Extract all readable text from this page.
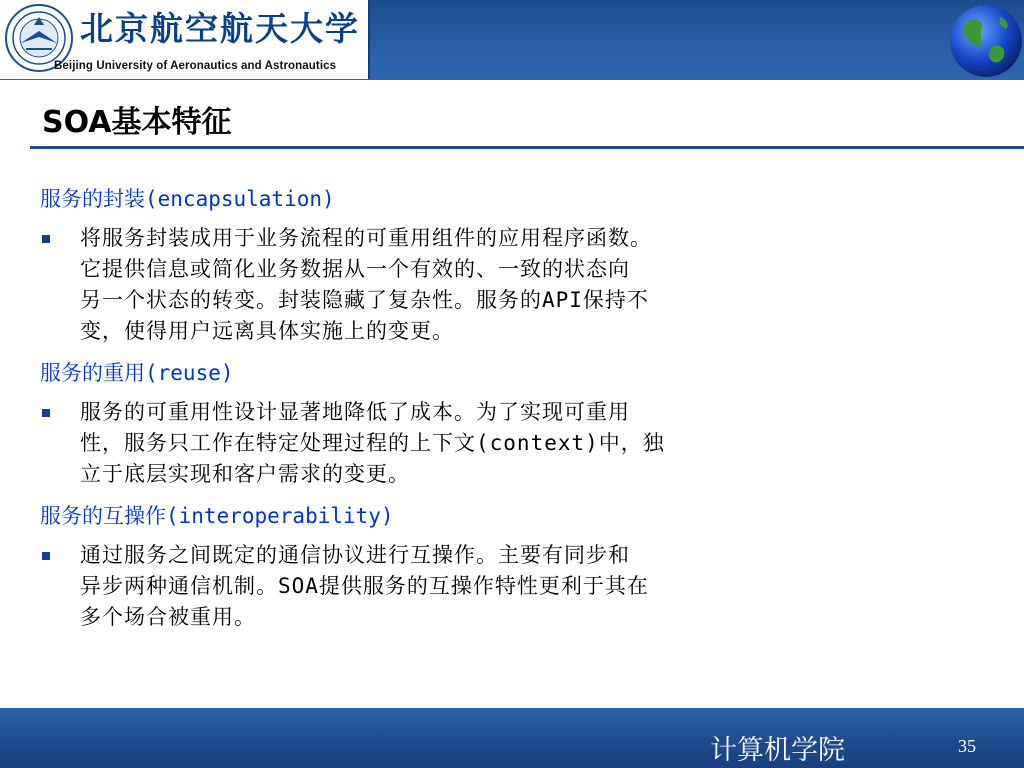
北京航空航天大学
Beijing University of Aeronautics and Astronautics
SOA基本特征
服务的封装(encapsulation)
将服务封装成用于业务流程的可重用组件的应用程序函数。
它提供信息或简化业务数据从一个有效的、一致的状态向
另一个状态的转变。封装隐藏了复杂性。服务的API保持不
变，使得用户远离具体实施上的变更。
服务的重用(reuse)
服务的可重用性设计显著地降低了成本。为了实现可重用
性，服务只工作在特定处理过程的上下文(context)中，独
立于底层实现和客户需求的变更。
服务的互操作(interoperability)
通过服务之间既定的通信协议进行互操作。主要有同步和
异步两种通信机制。SOA提供服务的互操作特性更利于其在
多个场合被重用。
计算机学院	35
